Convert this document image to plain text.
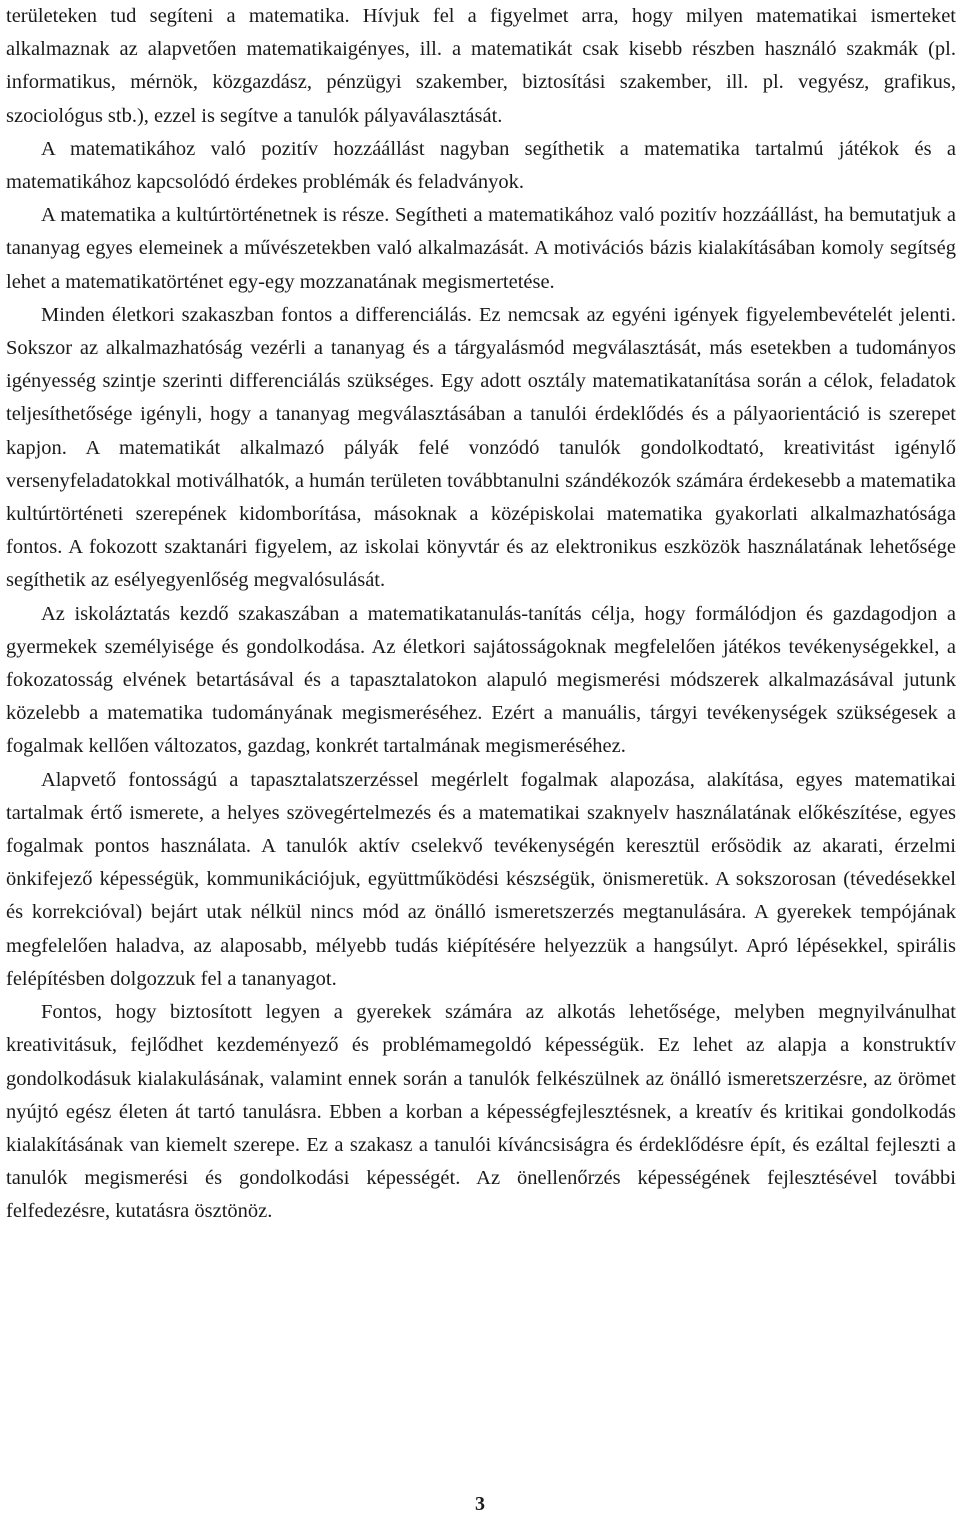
területeken tud segíteni a matematika. Hívjuk fel a figyelmet arra, hogy milyen matematikai ismerteket alkalmaznak az alapvetően matematikaigényes, ill. a matematikát csak kisebb részben használó szakmák (pl. informatikus, mérnök, közgazdász, pénzügyi szakember, biztosítási szakember, ill. pl. vegyész, grafikus, szociológus stb.), ezzel is segítve a tanulók pályaválasztását.

A matematikához való pozitív hozzáállást nagyban segíthetik a matematika tartalmú játékok és a matematikához kapcsolódó érdekes problémák és feladványok.

A matematika a kultúrtörténetnek is része. Segítheti a matematikához való pozitív hozzáállást, ha bemutatjuk a tananyag egyes elemeinek a művészetekben való alkalmazását. A motivációs bázis kialakításában komoly segítség lehet a matematikatörténet egy-egy mozzanatának megismertetése.

Minden életkori szakaszban fontos a differenciálás. Ez nemcsak az egyéni igények figyelembevételét jelenti. Sokszor az alkalmazhatóság vezérli a tananyag és a tárgyalásmód megválasztását, más esetekben a tudományos igényesség szintje szerinti differenciálás szükséges. Egy adott osztály matematikatanítása során a célok, feladatok teljesíthetősége igényli, hogy a tananyag megválasztásában a tanulói érdeklődés és a pályaorientáció is szerepet kapjon. A matematikát alkalmazó pályák felé vonzódó tanulók gondolkodtató, kreativitást igénylő versenyfeladatokkal motiválhatók, a humán területen továbbtanulni szándékozók számára érdekesebb a matematika kultúrtörténeti szerepének kidomborítása, másoknak a középiskolai matematika gyakorlati alkalmazhatósága fontos. A fokozott szaktanári figyelem, az iskolai könyvtár és az elektronikus eszközök használatának lehetősége segíthetik az esélyegyenlőség megvalósulását.

Az iskoláztatás kezdő szakaszában a matematikatanulás-tanítás célja, hogy formálódjon és gazdagodjon a gyermekek személyisége és gondolkodása. Az életkori sajátosságoknak megfelelően játékos tevékenységekkel, a fokozatosság elvének betartásával és a tapasztalatokon alapuló megismerési módszerek alkalmazásával jutunk közelebb a matematika tudományának megismeréséhez. Ezért a manuális, tárgyi tevékenységek szükségesek a fogalmak kellően változatos, gazdag, konkrét tartalmának megismeréséhez.

Alapvető fontosságú a tapasztalatszerzéssel megérlelt fogalmak alapozása, alakítása, egyes matematikai tartalmak értő ismerete, a helyes szövegértelmezés és a matematikai szaknyelv használatának előkészítése, egyes fogalmak pontos használata. A tanulók aktív cselekvő tevékenységén keresztül erősödik az akarati, érzelmi önkifejező képességük, kommunikációjuk, együttműködési készségük, önismeretük. A sokszorosan (tévedésekkel és korrekcióval) bejárt utak nélkül nincs mód az önálló ismeretszerzés megtanulására. A gyerekek tempójának megfelelően haladva, az alaposabb, mélyebb tudás kiépítésére helyezzük a hangsúlyt. Apró lépésekkel, spirális felépítésben dolgozzuk fel a tananyagot.

Fontos, hogy biztosított legyen a gyerekek számára az alkotás lehetősége, melyben megnyilvánulhat kreativitásuk, fejlődhet kezdeményező és problémamegoldó képességük. Ez lehet az alapja a konstruktív gondolkodásuk kialakulásának, valamint ennek során a tanulók felkészülnek az önálló ismeretszerzésre, az örömet nyújtó egész életen át tartó tanulásra. Ebben a korban a képességfejlesztésnek, a kreatív és kritikai gondolkodás kialakításának van kiemelt szerepe. Ez a szakasz a tanulói kíváncsiságra és érdeklődésre épít, és ezáltal fejleszti a tanulók megismerési és gondolkodási képességét. Az önellenőrzés képességének fejlesztésével további felfedezésre, kutatásra ösztönöz.

3
